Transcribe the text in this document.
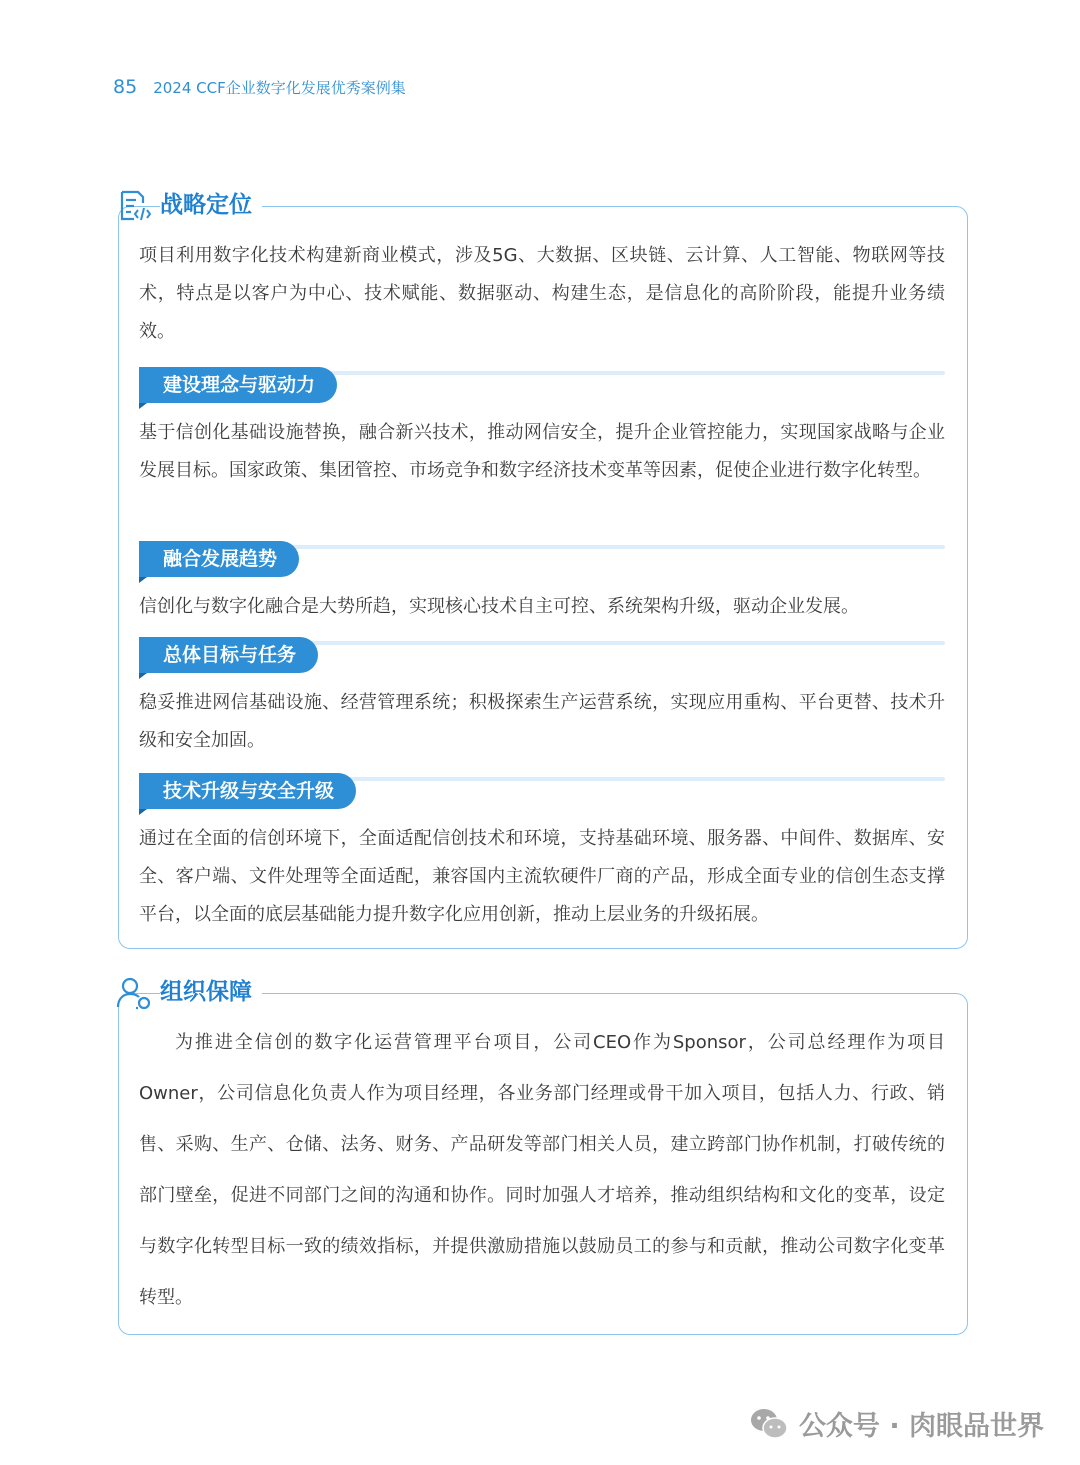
85 2024 CCF企业数字化发展优秀案例集
战略定位

项目利用数字化技术构建新商业模式，涉及5G、大数据、区块链、云计算、人工智能、物联网等技术，特点是以客户为中心、技术赋能、数据驱动、构建生态，是信息化的高阶阶段，能提升业务绩效。

建设理念与驱动力

基于信创化基础设施替换，融合新兴技术，推动网信安全，提升企业管控能力，实现国家战略与企业发展目标。国家政策、集团管控、市场竞争和数字经济技术变革等因素，促使企业进行数字化转型。

融合发展趋势

信创化与数字化融合是大势所趋，实现核心技术自主可控、系统架构升级，驱动企业发展。

总体目标与任务

稳妥推进网信基础设施、经营管理系统；积极探索生产运营系统，实现应用重构、平台更替、技术升级和安全加固。

技术升级与安全升级

通过在全面的信创环境下，全面适配信创技术和环境，支持基础环境、服务器、中间件、数据库、安全、客户端、文件处理等全面适配，兼容国内主流软硬件厂商的产品，形成全面专业的信创生态支撑平台，以全面的底层基础能力提升数字化应用创新，推动上层业务的升级拓展。

组织保障

为推进全信创的数字化运营管理平台项目，公司CEO作为Sponsor，公司总经理作为项目Owner，公司信息化负责人作为项目经理，各业务部门经理或骨干加入项目，包括人力、行政、销售、采购、生产、仓储、法务、财务、产品研发等部门相关人员，建立跨部门协作机制，打破传统的部门壁垒，促进不同部门之间的沟通和协作。同时加强人才培养，推动组织结构和文化的变革，设定与数字化转型目标一致的绩效指标，并提供激励措施以鼓励员工的参与和贡献，推动公司数字化变革转型。

公众号 · 肉眼品世界
